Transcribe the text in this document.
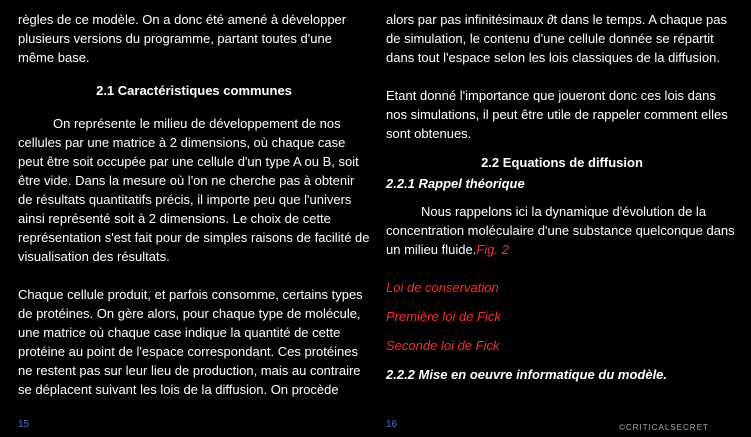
règles de ce modèle. On a donc été amené à développer plusieurs versions du programme, partant toutes d'une même base.

2.1 Caractéristiques communes

On représente le milieu de développement de nos cellules par une matrice à 2 dimensions, où chaque case peut être soit occupée par une cellule d'un type A ou B, soit être vide. Dans la mesure où l'on ne cherche pas à obtenir de résultats quantitatifs précis, il importe peu que l'univers ainsi représenté soit à 2 dimensions. Le choix de cette représentation s'est fait pour de simples raisons de facilité de visualisation des résultats.

Chaque cellule produit, et parfois consomme, certains types de protéines. On gère alors, pour chaque type de molécule, une matrice où chaque case indique la quantité de cette protéine au point de l'espace correspondant. Ces protéines ne restent pas sur leur lieu de production, mais au contraire se déplacent suivant les lois de la diffusion. On procède

15

alors par pas infinitésimaux ∂t dans le temps. A chaque pas de simulation, le contenu d'une cellule donnée se répartit dans tout l'espace selon les lois classiques de la diffusion.

Etant donné l'importance que joueront donc ces lois dans nos simulations, il peut être utile de rappeler comment elles sont obtenues.

2.2 Equations de diffusion

2.2.1 Rappel théorique

Nous rappelons ici la dynamique d'évolution de la concentration moléculaire d'une substance quelconque dans un milieu fluide.Fig. 2

Loi de conservation
Première loi de Fick
Seconde loi de Fick

2.2.2 Mise en oeuvre informatique du modèle.

16	©CRITICALSECRET
